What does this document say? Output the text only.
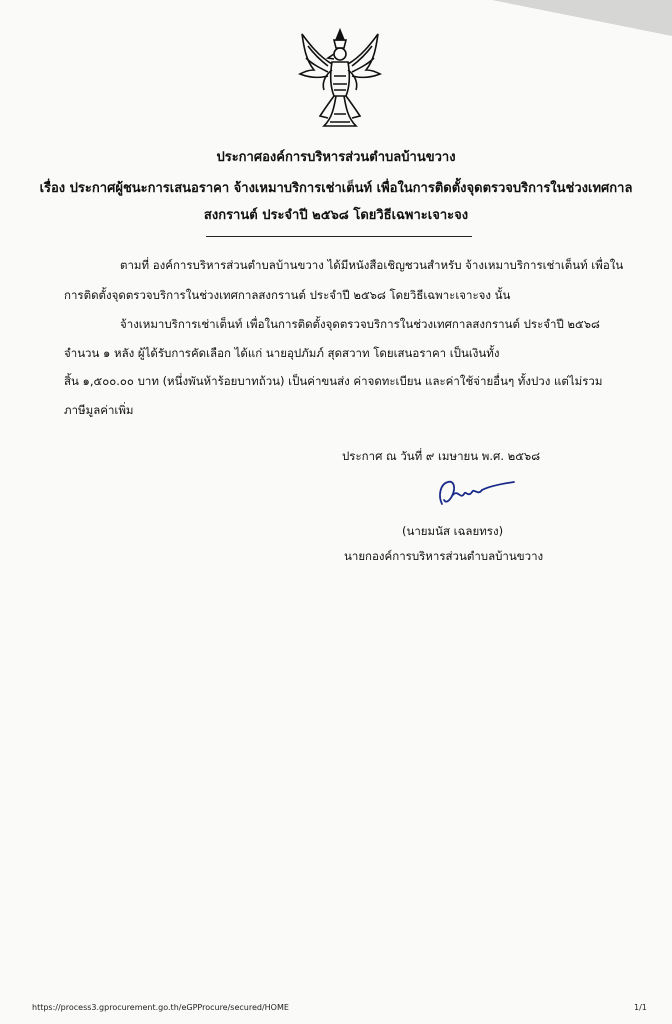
ประกาศองค์การบริหารส่วนตำบลบ้านขวาง
เรื่อง ประกาศผู้ชนะการเสนอราคา จ้างเหมาบริการเช่าเต็นท์ เพื่อในการติดตั้งจุดตรวจบริการในช่วงเทศกาล
สงกรานต์ ประจำปี ๒๕๖๘ โดยวิธีเฉพาะเจาะจง
ตามที่ องค์การบริหารส่วนตำบลบ้านขวาง ได้มีหนังสือเชิญชวนสำหรับ จ้างเหมาบริการเช่าเต็นท์ เพื่อใน
การติดตั้งจุดตรวจบริการในช่วงเทศกาลสงกรานต์ ประจำปี ๒๕๖๘ โดยวิธีเฉพาะเจาะจง นั้น
จ้างเหมาบริการเช่าเต็นท์ เพื่อในการติดตั้งจุดตรวจบริการในช่วงเทศกาลสงกรานต์ ประจำปี ๒๕๖๘
จำนวน ๑ หลัง ผู้ได้รับการคัดเลือก ได้แก่ นายอุปภัมภ์ สุดสวาท โดยเสนอราคา เป็นเงินทั้ง
สิ้น ๑,๕๐๐.๐๐ บาท (หนึ่งพันห้าร้อยบาทถ้วน) เป็นค่าขนส่ง ค่าจดทะเบียน และค่าใช้จ่ายอื่นๆ ทั้งปวง แต่ไม่รวม
ภาษีมูลค่าเพิ่ม
ประกาศ ณ วันที่ ๙ เมษายน พ.ศ. ๒๕๖๘
(นายมนัส เฉลยทรง)
นายกองค์การบริหารส่วนตำบลบ้านขวาง
https://process3.gprocurement.go.th/eGPProcure/secured/HOME	1/1
